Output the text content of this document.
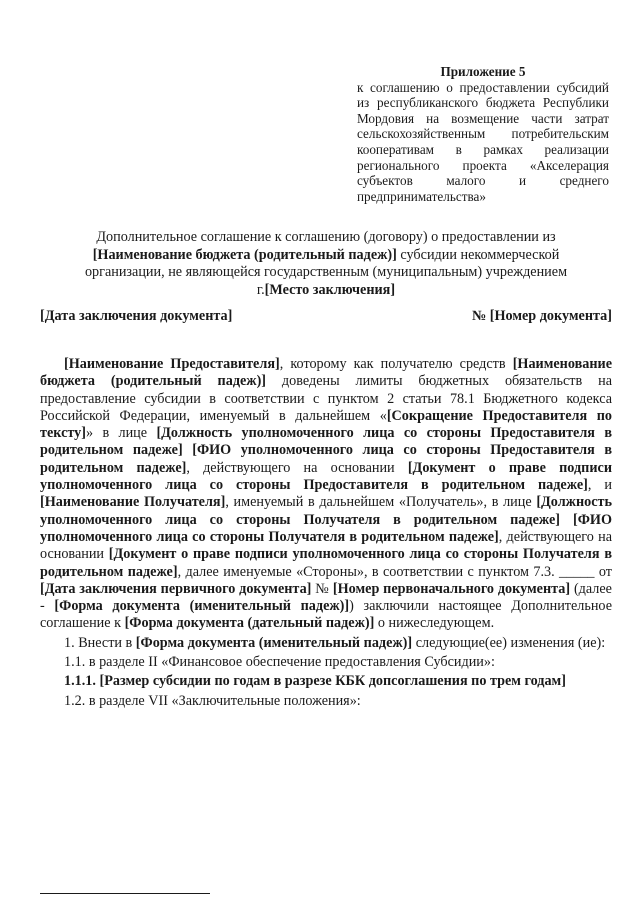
Приложение 5
к соглашению о предоставлении субсидий из республиканского бюджета Республики Мордовия на возмещение части затрат сельскохозяйственным потребительским кооперативам в рамках реализации регионального проекта «Акселерация субъектов малого и среднего предпринимательства»
Дополнительное соглашение к соглашению (договору) о предоставлении из
[Наименование бюджета (родительный падеж)] субсидии некоммерческой
организации, не являющейся государственным (муниципальным) учреждением
г.[Место заключения]
[Дата заключения документа]	№ [Номер документа]

[Наименование Предоставителя], которому как получателю средств [Наименование бюджета (родительный падеж)] доведены лимиты бюджетных обязательств на предоставление субсидии в соответствии с пунктом 2 статьи 78.1 Бюджетного кодекса Российской Федерации, именуемый в дальнейшем «[Сокращение Предоставителя по тексту]» в лице [Должность уполномоченного лица со стороны Предоставителя в родительном падеже] [ФИО уполномоченного лица со стороны Предоставителя в родительном падеже], действующего на основании [Документ о праве подписи уполномоченного лица со стороны Предоставителя в родительном падеже], и [Наименование Получателя], именуемый в дальнейшем «Получатель», в лице [Должность уполномоченного лица со стороны Получателя в родительном падеже] [ФИО уполномоченного лица со стороны Получателя в родительном падеже], действующего на основании [Документ о праве подписи уполномоченного лица со стороны Получателя в родительном падеже], далее именуемые «Стороны», в соответствии с пунктом 7.3. _____ от [Дата заключения первичного документа] № [Номер первоначального документа] (далее - [Форма документа (именительный падеж)]) заключили настоящее Дополнительное соглашение к [Форма документа (дательный падеж)] о нижеследующем.

1. Внести в [Форма документа (именительный падеж)] следующие(ее) изменения (ие):

1.1. в разделе II «Финансовое обеспечение предоставления Субсидии»:

1.1.1. [Размер субсидии по годам в разрезе КБК допсоглашения по трем годам]

1.2. в разделе VII «Заключительные положения»:
